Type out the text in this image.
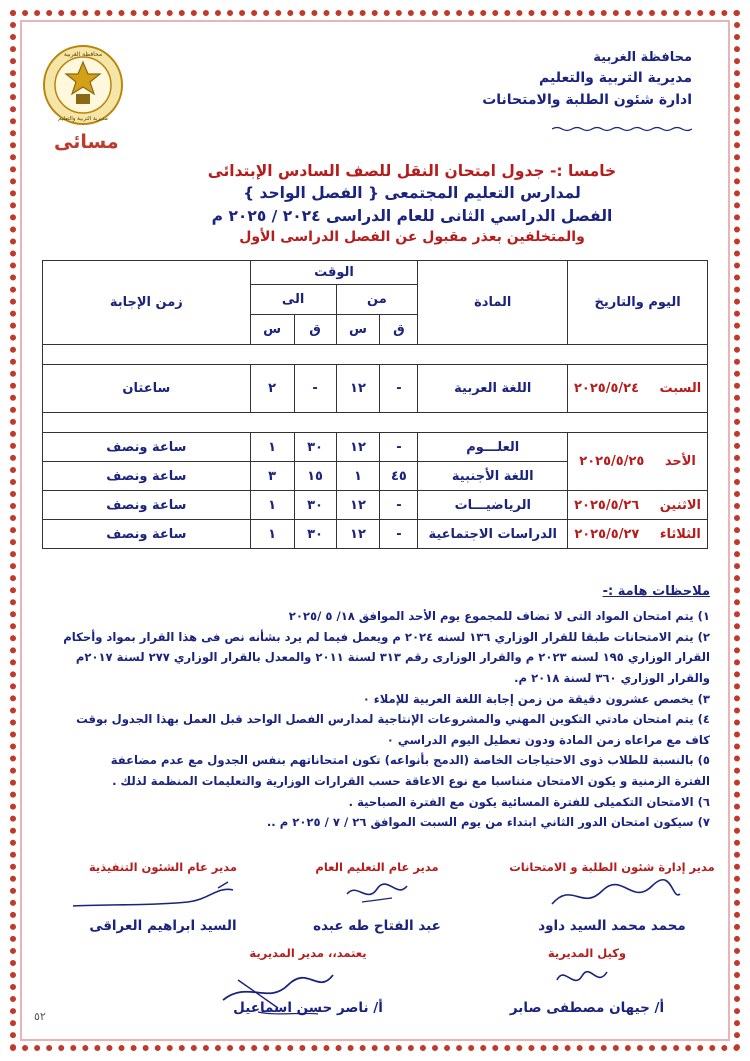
محافظة الغربية
مديرية التربية والتعليم
محافظة الغربية
مديرية التربية والتعليم
ادارة شئون الطلبة والامتحانات
مسائى
خامسا :- جدول امتحان النقل للصف السادس الإبتدائى
لمدارس التعليم المجتمعى { الفصل الواحد }
الفصل الدراسي الثانى للعام الدراسى ٢٠٢٤ / ٢٠٢٥ م
والمتخلفين بعذر مقبول عن الفصل الدراسى الأول
اليوم والتاريخ	المادة	الوقت				زمن الإجابة
		من		الى		
		ق	س	ق	س	

السبت ٢٠٢٥/٥/٢٤	اللغة العربية	-	١٢	-	٢	ساعتان

الأحد ٢٠٢٥/٥/٢٥	العلـــوم	-	١٢	٣٠	١	ساعة ونصف
	اللغة الأجنبية	٤٥	١	١٥	٣	ساعة ونصف
الاثنين ٢٠٢٥/٥/٢٦	الرياضيـــات	-	١٢	٣٠	١	ساعة ونصف
الثلاثاء ٢٠٢٥/٥/٢٧	الدراسات الاجتماعية	-	١٢	٣٠	١	ساعة ونصف
ملاحظات هامة :-
١) يتم امتحان المواد التى لا تضاف للمجموع يوم الأحد الموافق ١٨/ ٥ /٢٠٢٥
٢) يتم الامتحانات طبقا للقرار الوزاري ١٣٦ لسنه ٢٠٢٤ م ويعمل فيما لم يرد بشأنه نص فى هذا القرار بمواد وأحكام
القرار الوزاري ١٩٥ لسنه ٢٠٢٣ م والقرار الوزارى رقم ٣١٣ لسنة ٢٠١١ والمعدل بالقرار الوزاري ٢٧٧ لسنة ٢٠١٧م
والقرار الوزاري ٣٦٠ لسنة ٢٠١٨ م.
٣) يخصص عشرون دقيقة من زمن إجابة اللغة العربية للإملاء ٠
٤) يتم امتحان مادتي التكوين المهني والمشروعات الإنتاجية لمدارس الفصل الواحد قبل العمل بهذا الجدول بوقت
كاف مع مراعاه زمن المادة ودون تعطيل اليوم الدراسي ٠
٥) بالنسبة للطلاب ذوى الاحتياجات الخاصة (الدمج بأنواعه) تكون امتحاناتهم بنفس الجدول مع عدم مضاعفة
الفترة الزمنية و يكون الامتحان متناسبا مع نوع الاعاقة حسب القرارات الوزارية والتعليمات المنظمة لذلك .
٦) الامتحان التكميلى للفترة المسائية يكون مع الفترة الصباحية .
٧) سيكون امتحان الدور الثاني ابتداء من يوم السبت الموافق ٢٦ / ٧ / ٢٠٢٥ م ..
مدير إدارة شئون الطلبة و الامتحانات
محمد محمد السيد داود
مدير عام التعليم العام
عبد الفتاح طه عبده
مدير عام الشئون التنفيذية
السيد ابراهيم العراقى
وكيل المديرية
أ/ جيهان مصطفى صابر
يعتمد،، مدير المديرية
أ/ ناصر حسن اسماعيل
٥٢
